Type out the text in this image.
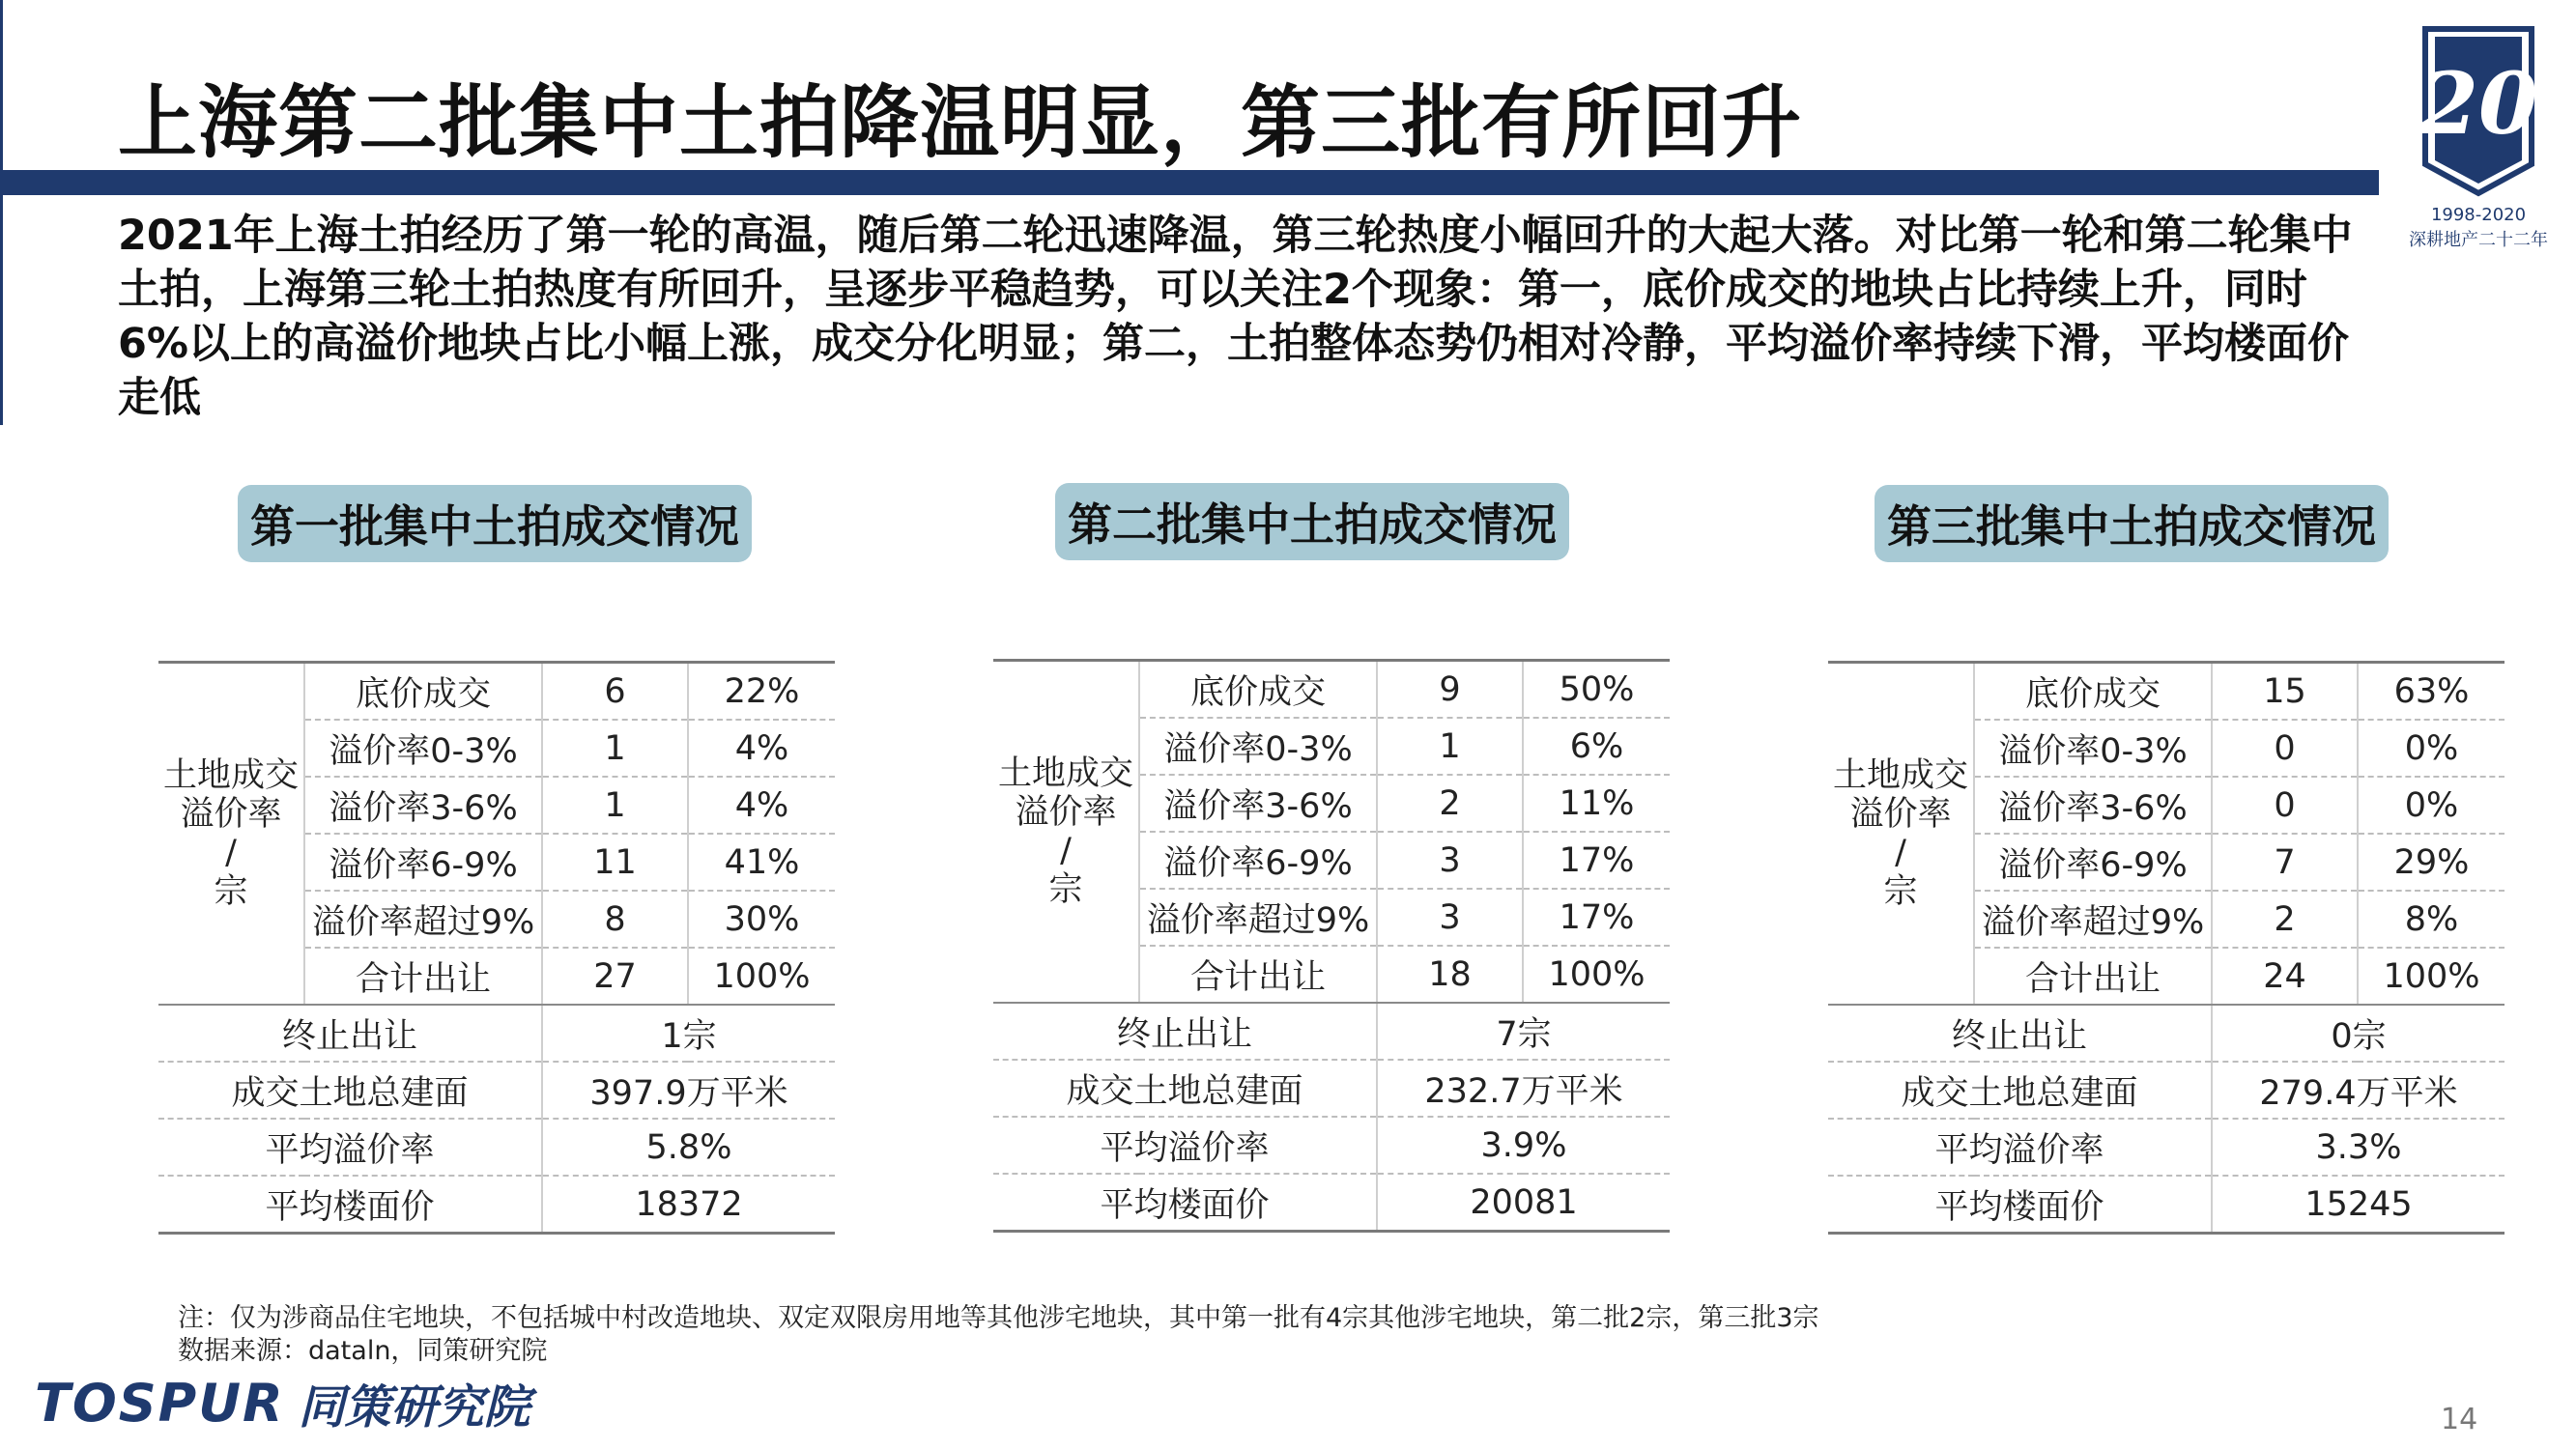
上海第二批集中土拍降温明显，第三批有所回升	20
1998-2020
深耕地产二十二年
2021年上海土拍经历了第一轮的高温，随后第二轮迅速降温，第三轮热度小幅回升的大起大落。对比第一轮和第二轮集中土拍，上海第三轮土拍热度有所回升，呈逐步平稳趋势，可以关注2个现象：第一，底价成交的地块占比持续上升，同时6%以上的高溢价地块占比小幅上涨，成交分化明显；第二，土拍整体态势仍相对冷静，平均溢价率持续下滑，平均楼面价走低
第一批集中土拍成交情况	第二批集中土拍成交情况	第三批集中土拍成交情况
土地成交
溢价率
/
宗	底价成交	6	22%
	溢价率0-3%	1	4%
	溢价率3-6%	1	4%
	溢价率6-9%	11	41%
	溢价率超过9%	8	30%
	合计出让	27	100%
终止出让		1宗	
成交土地总建面		397.9万平米	
平均溢价率		5.8%	
平均楼面价		18372	
土地成交
溢价率
/
宗	底价成交	9	50%
	溢价率0-3%	1	6%
	溢价率3-6%	2	11%
	溢价率6-9%	3	17%
	溢价率超过9%	3	17%
	合计出让	18	100%
终止出让		7宗	
成交土地总建面		232.7万平米	
平均溢价率		3.9%	
平均楼面价		20081	
土地成交
溢价率
/
宗	底价成交	15	63%
	溢价率0-3%	0	0%
	溢价率3-6%	0	0%
	溢价率6-9%	7	29%
	溢价率超过9%	2	8%
	合计出让	24	100%
终止出让		0宗	
成交土地总建面		279.4万平米	
平均溢价率		3.3%	
平均楼面价		15245	
注：仅为涉商品住宅地块，不包括城中村改造地块、双定双限房用地等其他涉宅地块，其中第一批有4宗其他涉宅地块，第二批2宗，第三批3宗
数据来源：dataln，同策研究院
TOSPUR 同策研究院	14
